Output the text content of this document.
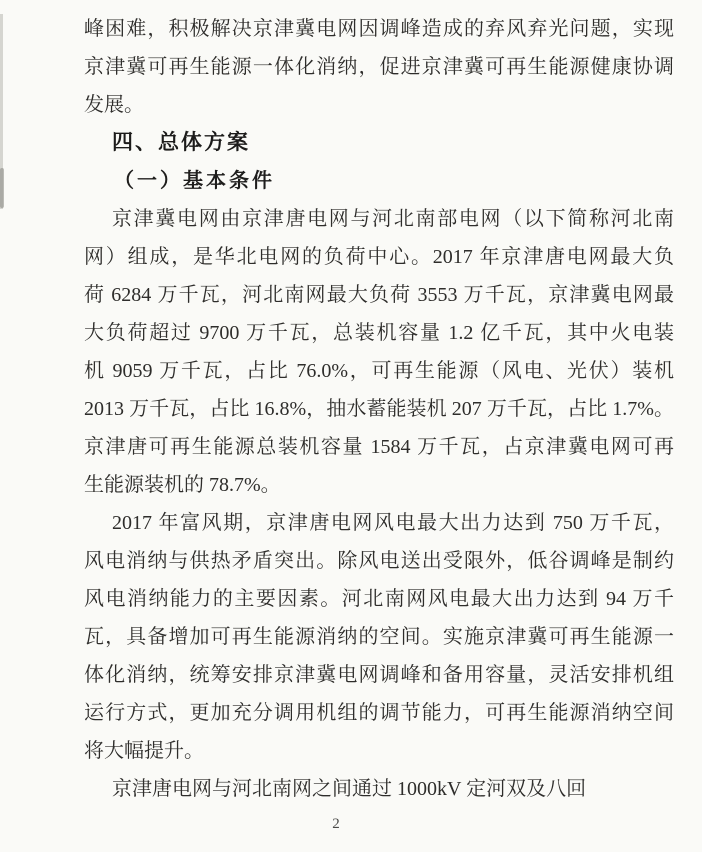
峰困难，积极解决京津冀电网因调峰造成的弃风弃光问题，实现
京津冀可再生能源一体化消纳，促进京津冀可再生能源健康协调
发展。
四、总体方案
（一）基本条件
京津冀电网由京津唐电网与河北南部电网（以下简称河北南
网）组成，是华北电网的负荷中心。2017 年京津唐电网最大负
荷 6284 万千瓦，河北南网最大负荷 3553 万千瓦，京津冀电网最
大负荷超过 9700 万千瓦，总装机容量 1.2 亿千瓦，其中火电装
机 9059 万千瓦，占比 76.0%，可再生能源（风电、光伏）装机
2013 万千瓦，占比 16.8%，抽水蓄能装机 207 万千瓦，占比 1.7%。
京津唐可再生能源总装机容量 1584 万千瓦，占京津冀电网可再
生能源装机的 78.7%。
2017 年富风期，京津唐电网风电最大出力达到 750 万千瓦，
风电消纳与供热矛盾突出。除风电送出受限外，低谷调峰是制约
风电消纳能力的主要因素。河北南网风电最大出力达到 94 万千
瓦，具备增加可再生能源消纳的空间。实施京津冀可再生能源一
体化消纳，统筹安排京津冀电网调峰和备用容量，灵活安排机组
运行方式，更加充分调用机组的调节能力，可再生能源消纳空间
将大幅提升。
京津唐电网与河北南网之间通过 1000kV 定河双及八回
2
